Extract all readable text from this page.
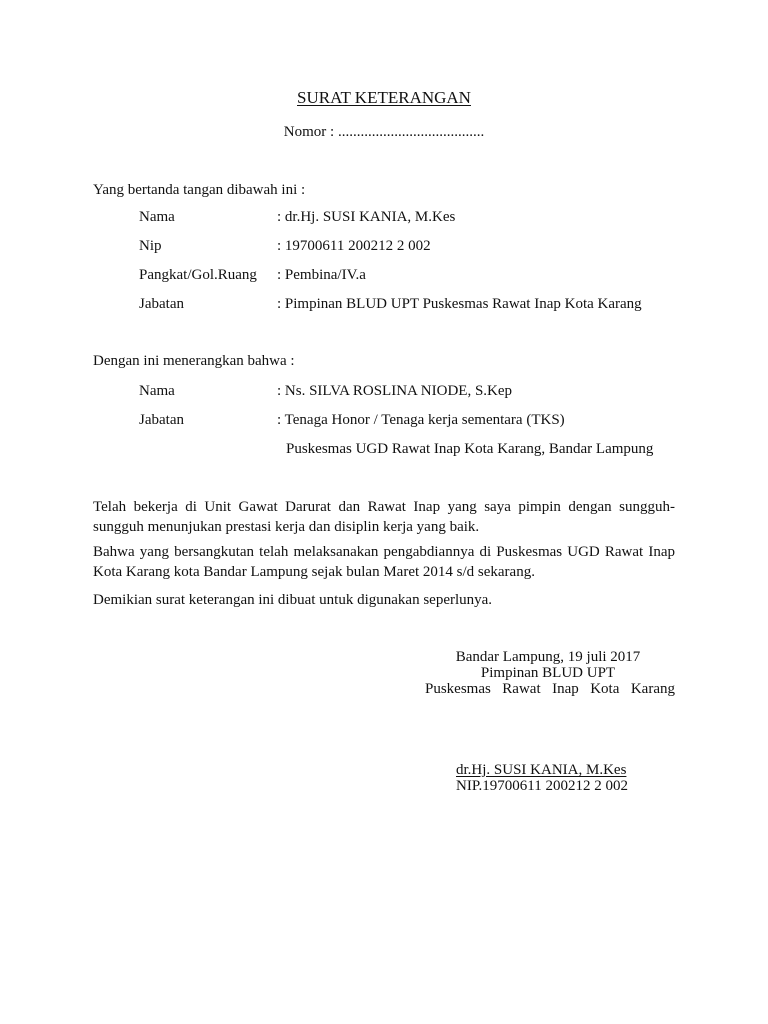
SURAT KETERANGAN
Nomor : .......................................
Yang bertanda tangan dibawah ini :
Nama	: dr.Hj. SUSI KANIA, M.Kes
Nip	: 19700611 200212 2 002
Pangkat/Gol.Ruang : Pembina/IV.a
Jabatan	: Pimpinan BLUD UPT Puskesmas Rawat Inap Kota Karang
Dengan ini menerangkan bahwa :
Nama	: Ns. SILVA ROSLINA NIODE, S.Kep
Jabatan	: Tenaga Honor / Tenaga kerja sementara (TKS)
Puskesmas UGD Rawat Inap Kota Karang, Bandar Lampung
Telah bekerja di Unit Gawat Darurat dan Rawat Inap yang saya pimpin dengan sungguh-sungguh menunjukan prestasi kerja dan disiplin kerja yang baik.
Bahwa yang bersangkutan telah melaksanakan pengabdiannya di Puskesmas UGD Rawat Inap Kota Karang kota Bandar Lampung sejak bulan Maret 2014 s/d sekarang.
Demikian surat keterangan ini dibuat untuk digunakan seperlunya.
Bandar Lampung, 19 juli 2017
Pimpinan BLUD UPT
Puskesmas Rawat Inap Kota Karang
dr.Hj. SUSI KANIA, M.Kes
NIP.19700611 200212 2 002
